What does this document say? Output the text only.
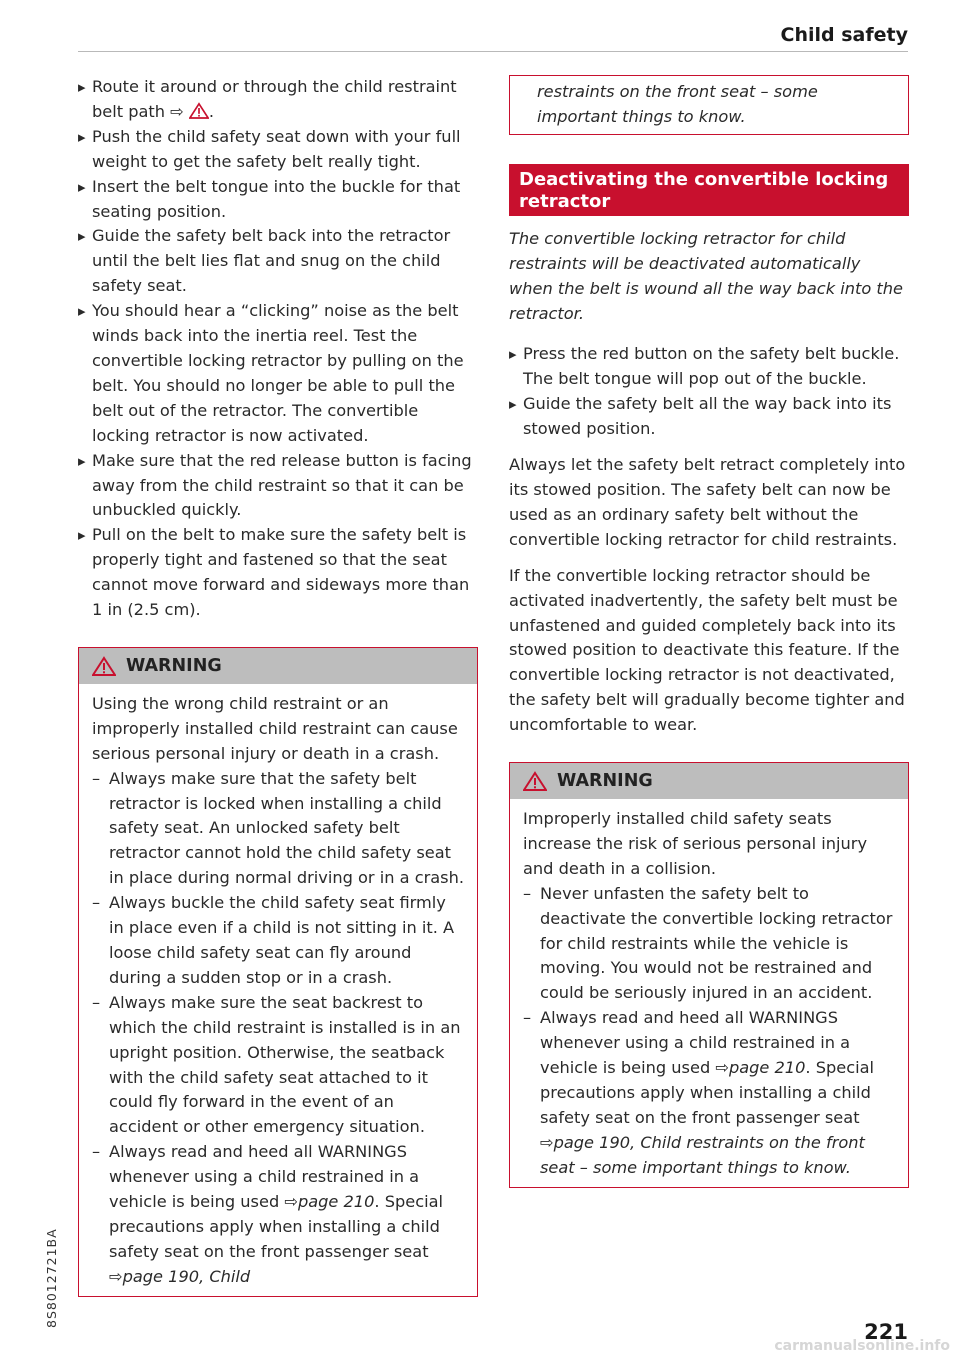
Child safety
▸ Route it around or through the child restraint belt path ⇨ .
▸ Push the child safety seat down with your full weight to get the safety belt really tight.
▸ Insert the belt tongue into the buckle for that seating position.
▸ Guide the safety belt back into the retractor until the belt lies flat and snug on the child safety seat.
▸ You should hear a “clicking” noise as the belt winds back into the inertia reel. Test the convertible locking retractor by pulling on the belt. You should no longer be able to pull the belt out of the retractor. The convertible locking retractor is now activated.
▸ Make sure that the red release button is facing away from the child restraint so that it can be unbuckled quickly.
▸ Pull on the belt to make sure the safety belt is properly tight and fastened so that the seat cannot move forward and sideways more than 1 in (2.5 cm).
WARNING

Using the wrong child restraint or an improperly installed child restraint can cause serious personal injury or death in a crash.

– Always make sure that the safety belt retractor is locked when installing a child safety seat. An unlocked safety belt retractor cannot hold the child safety seat in place during normal driving or in a crash.
– Always buckle the child safety seat firmly in place even if a child is not sitting in it. A loose child safety seat can fly around during a sudden stop or in a crash.
– Always make sure the seat backrest to which the child restraint is installed is in an upright position. Otherwise, the seatback with the child safety seat attached to it could fly forward in the event of an accident or other emergency situation.
– Always read and heed all WARNINGS whenever using a child restrained in a vehicle is being used ⇨page 210. Special precautions apply when installing a child safety seat on the front passenger seat ⇨page 190, Child
restraints on the front seat – some important things to know.
Deactivating the convertible locking retractor
The convertible locking retractor for child restraints will be deactivated automatically when the belt is wound all the way back into the retractor.
▸ Press the red button on the safety belt buckle. The belt tongue will pop out of the buckle.
▸ Guide the safety belt all the way back into its stowed position.

Always let the safety belt retract completely into its stowed position. The safety belt can now be used as an ordinary safety belt without the convertible locking retractor for child restraints.

If the convertible locking retractor should be activated inadvertently, the safety belt must be unfastened and guided completely back into its stowed position to deactivate this feature. If the convertible locking retractor is not deactivated, the safety belt will gradually become tighter and uncomfortable to wear.

WARNING

Improperly installed child safety seats increase the risk of serious personal injury and death in a collision.

– Never unfasten the safety belt to deactivate the convertible locking retractor for child restraints while the vehicle is moving. You would not be restrained and could be seriously injured in an accident.
– Always read and heed all WARNINGS whenever using a child restrained in a vehicle is being used ⇨page 210. Special precautions apply when installing a child safety seat on the front passenger seat ⇨page 190, Child restraints on the front seat – some important things to know.
8S8012721BA
221
carmanualsonline.info
